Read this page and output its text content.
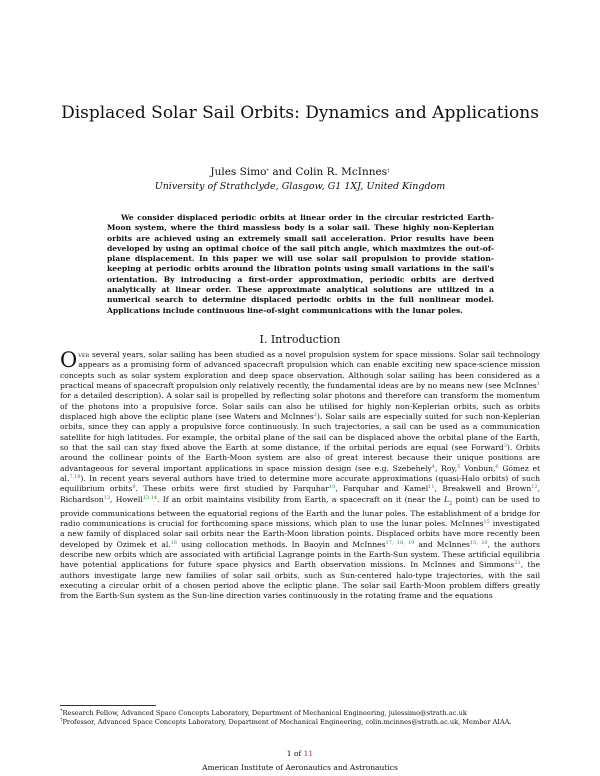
Displaced Solar Sail Orbits: Dynamics and Applications
Jules Simo* and Colin R. McInnes†
University of Strathclyde, Glasgow, G1 1XJ, United Kingdom

We consider displaced periodic orbits at linear order in the circular restricted Earth-Moon system, where the third massless body is a solar sail. These highly non-Keplerian orbits are achieved using an extremely small sail acceleration. Prior results have been developed by using an optimal choice of the sail pitch angle, which maximizes the out-of-plane displacement. In this paper we will use solar sail propulsion to provide station-keeping at periodic orbits around the libration points using small variations in the sail's orientation. By introducing a first-order approximation, periodic orbits are derived analytically at linear order. These approximate analytical solutions are utilized in a numerical search to determine displaced periodic orbits in the full nonlinear model. Applications include continuous line-of-sight communications with the lunar poles.

I. Introduction

Over several years, solar sailing has been studied as a novel propulsion system for space missions. Solar sail technology appears as a promising form of advanced spacecraft propulsion which can enable exciting new space-science mission concepts such as solar system exploration and deep space observation. Although solar sailing has been considered as a practical means of spacecraft propulsion only relatively recently, the fundamental ideas are by no means new (see McInnes$^1$ for a detailed description). A solar sail is propelled by reflecting solar photons and therefore can transform the momentum of the photons into a propulsive force. Solar sails can also be utilised for highly non-Keplerian orbits, such as orbits displaced high above the ecliptic plane (see Waters and McInnes$^2$). Solar sails are especially suited for such non-Keplerian orbits, since they can apply a propulsive force continuously. In such trajectories, a sail can be used as a communication satellite for high latitudes. For example, the orbital plane of the sail can be displaced above the orbital plane of the Earth, so that the sail can stay fixed above the Earth at some distance, if the orbital periods are equal (see Forward$^3$). Orbits around the collinear points of the Earth-Moon system are also of great interest because their unique positions are advantageous for several important applications in space mission design (see e.g. Szebehely$^4$, Roy,$^5$ Vonbun,$^6$ Gómez et al.$^{7,18}$). In recent years several authors have tried to determine more accurate approximations (quasi-Halo orbits) of such equilibrium orbits$^9$. These orbits were first studied by Farquhar$^{10}$, Farquhar and Kamel$^{11}$, Breakwell and Brown$^{12}$, Richardson$^{13}$, Howell$^{13,14}$. If an orbit maintains visibility from Earth, a spacecraft on it (near the $L_2$ point) can be used to provide communications between the equatorial regions of the Earth and the lunar poles. The establishment of a bridge for radio communications is crucial for forthcoming space missions, which plan to use the lunar poles. McInnes$^{15}$ investigated a new family of displaced solar sail orbits near the Earth-Moon libration points. Displaced orbits have more recently been developed by Ozimek et al.$^{16}$ using collocation methods. In Baoyin and McInnes$^{17, 18, 19}$ and McInnes$^{15, 20}$, the authors describe new orbits which are associated with artificial Lagrange points in the Earth-Sun system. These artificial equilibria have potential applications for future space physics and Earth observation missions. In McInnes and Simmons$^{21}$, the authors investigate large new families of solar sail orbits, such as Sun-centered halo-type trajectories, with the sail executing a circular orbit of a chosen period above the ecliptic plane. The solar sail Earth-Moon problem differs greatly from the Earth-Sun system as the Sun-line direction varies continuously in the rotating frame and the equations

*Research Fellow, Advanced Space Concepts Laboratory, Department of Mechanical Engineering, julessimo@strath.ac.uk
†Professor, Advanced Space Concepts Laboratory, Department of Mechanical Engineering, colin.mcinnes@strath.ac.uk, Member AIAA.
1 of 11
American Institute of Aeronautics and Astronautics
